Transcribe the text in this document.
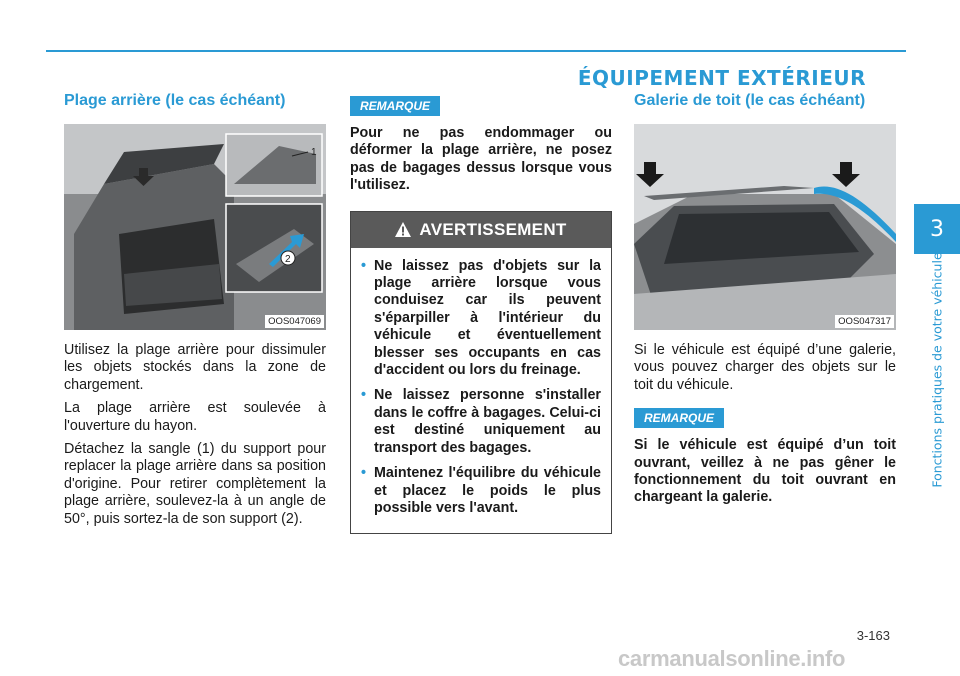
ÉQUIPEMENT EXTÉRIEUR
3
Fonctions pratiques de votre véhicule
Plage arrière (le cas échéant)
1
2
OOS047069

Utilisez la plage arrière pour dissimuler les objets stockés dans la zone de chargement.

La plage arrière est soulevée à l'ouverture du hayon.

Détachez la sangle (1) du support pour replacer la plage arrière dans sa position d'origine. Pour retirer complètement la plage arrière, soulevez-la à un angle de 50°, puis sortez-la de son support (2).

REMARQUE

Pour ne pas endommager ou déformer la plage arrière, ne posez pas de bagages dessus lorsque vous l'utilisez.

AVERTISSEMENT
• Ne laissez pas d'objets sur la plage arrière lorsque vous conduisez car ils peuvent s'éparpiller à l'intérieur du véhicule et éventuellement blesser ses occupants en cas d'accident ou lors du freinage.
• Ne laissez personne s'installer dans le coffre à bagages. Celui-ci est destiné uniquement au transport des bagages.
• Maintenez l'équilibre du véhicule et placez le poids le plus possible vers l'avant.
Galerie de toit (le cas échéant)
OOS047317

Si le véhicule est équipé d’une galerie, vous pouvez charger des objets sur le toit du véhicule.

REMARQUE

Si le véhicule est équipé d’un toit ouvrant, veillez à ne pas gêner le fonctionnement du toit ouvrant en chargeant la galerie.

3-163
carmanualsonline.info
